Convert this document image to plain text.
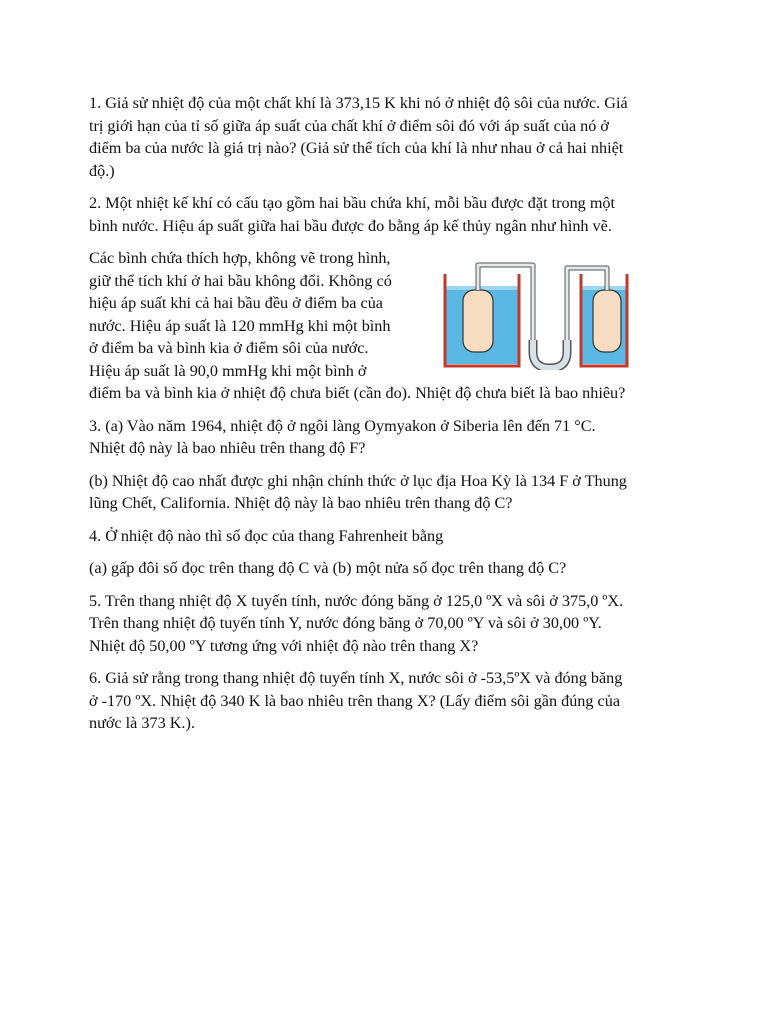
1. Giả sử nhiệt độ của một chất khí là 373,15 K khi nó ở nhiệt độ sôi của nước. Giá
trị giới hạn của tỉ số giữa áp suất của chất khí ở điểm sôi đó với áp suất của nó ở
điểm ba của nước là giá trị nào? (Giả sử thể tích của khí là như nhau ở cả hai nhiệt
độ.)
2. Một nhiệt kế khí có cấu tạo gồm hai bầu chứa khí, mỗi bầu được đặt trong một
bình nước. Hiệu áp suất giữa hai bầu được đo bằng áp kế thủy ngân như hình vẽ.
Các bình chứa thích hợp, không vẽ trong hình,
giữ thể tích khí ở hai bầu không đổi. Không có
hiệu áp suất khi cả hai bầu đều ở điểm ba của
nước. Hiệu áp suất là 120 mmHg khi một bình
ở điểm ba và bình kia ở điểm sôi của nước.
Hiệu áp suất là 90,0 mmHg khi một bình ở
điểm ba và bình kia ở nhiệt độ chưa biết (cần đo). Nhiệt độ chưa biết là bao nhiêu?
3. (a) Vào năm 1964, nhiệt độ ở ngôi làng Oymyakon ở Siberia lên đến 71 °C.
Nhiệt độ này là bao nhiêu trên thang độ F?
(b) Nhiệt độ cao nhất được ghi nhận chính thức ở lục địa Hoa Kỳ là 134 F ở Thung
lũng Chết, California. Nhiệt độ này là bao nhiêu trên thang độ C?
4. Ở nhiệt độ nào thì số đọc của thang Fahrenheit bằng
(a) gấp đôi số đọc trên thang độ C và (b) một nửa số đọc trên thang độ C?
5. Trên thang nhiệt độ X tuyến tính, nước đóng băng ở 125,0 ºX và sôi ở 375,0 ºX.
Trên thang nhiệt độ tuyến tính Y, nước đóng băng ở 70,00 ºY và sôi ở 30,00 ºY.
Nhiệt độ 50,00 ºY tương ứng với nhiệt độ nào trên thang X?
6. Giả sử rằng trong thang nhiệt độ tuyến tính X, nước sôi ở -53,5ºX và đóng băng
ở -170 ºX. Nhiệt độ 340 K là bao nhiêu trên thang X? (Lấy điểm sôi gần đúng của
nước là 373 K.).
